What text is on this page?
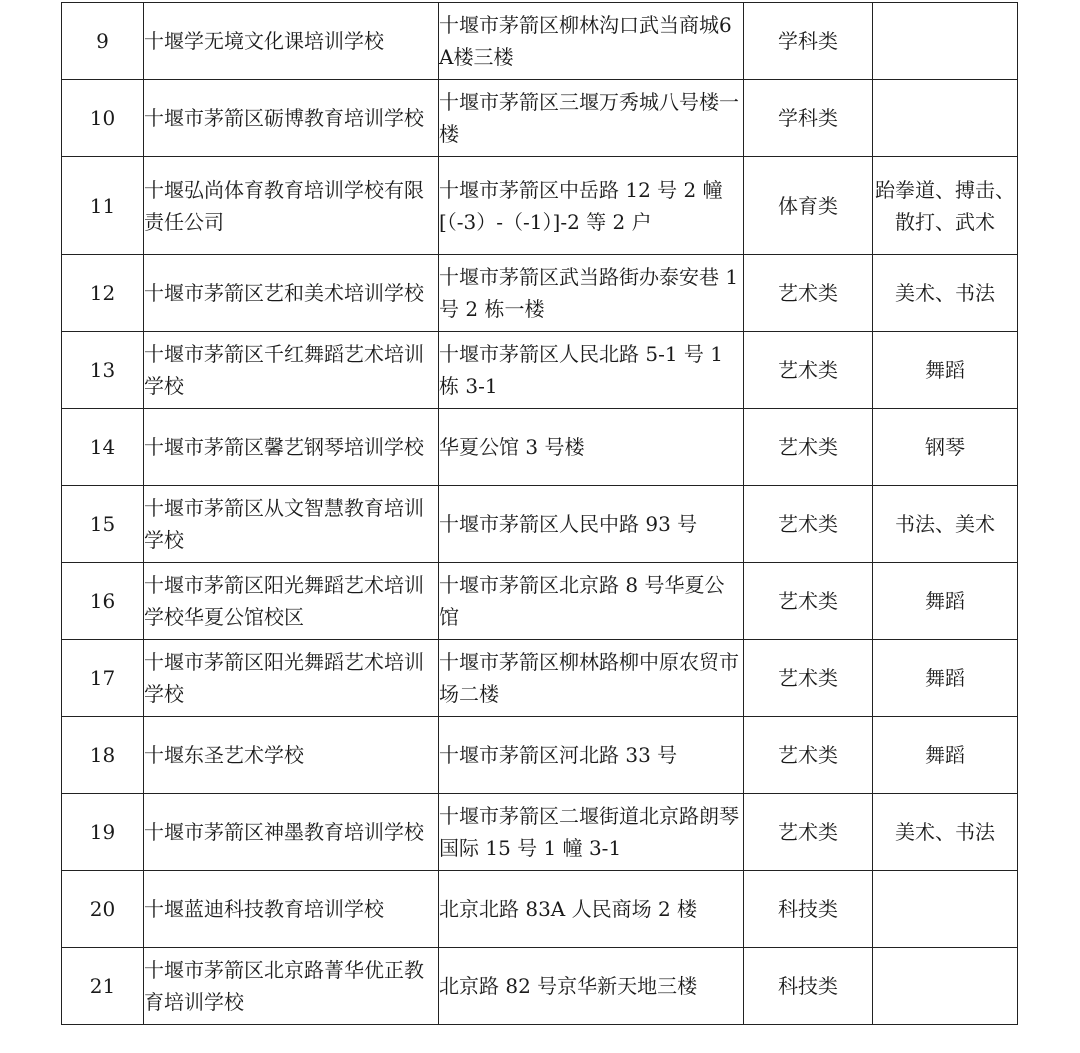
9	十堰学无境文化课培训学校	十堰市茅箭区柳林沟口武当商城6A楼三楼	学科类	
10	十堰市茅箭区砺博教育培训学校	十堰市茅箭区三堰万秀城八号楼一楼	学科类	
11	十堰弘尚体育教育培训学校有限责任公司	十堰市茅箭区中岳路 12 号 2 幢[（-3）-（-1）]-2 等 2 户	体育类	跆拳道、搏击、散打、武术
12	十堰市茅箭区艺和美术培训学校	十堰市茅箭区武当路街办泰安巷 1 号 2 栋一楼	艺术类	美术、书法
13	十堰市茅箭区千红舞蹈艺术培训学校	十堰市茅箭区人民北路 5-1 号 1 栋 3-1	艺术类	舞蹈
14	十堰市茅箭区馨艺钢琴培训学校	华夏公馆 3 号楼	艺术类	钢琴
15	十堰市茅箭区从文智慧教育培训学校	十堰市茅箭区人民中路 93 号	艺术类	书法、美术
16	十堰市茅箭区阳光舞蹈艺术培训学校华夏公馆校区	十堰市茅箭区北京路 8 号华夏公馆	艺术类	舞蹈
17	十堰市茅箭区阳光舞蹈艺术培训学校	十堰市茅箭区柳林路柳中原农贸市场二楼	艺术类	舞蹈
18	十堰东圣艺术学校	十堰市茅箭区河北路 33 号	艺术类	舞蹈
19	十堰市茅箭区神墨教育培训学校	十堰市茅箭区二堰街道北京路朗琴国际 15 号 1 幢 3-1	艺术类	美术、书法
20	十堰蓝迪科技教育培训学校	北京北路 83A 人民商场 2 楼	科技类	
21	十堰市茅箭区北京路菁华优正教育培训学校	北京路 82 号京华新天地三楼	科技类	
